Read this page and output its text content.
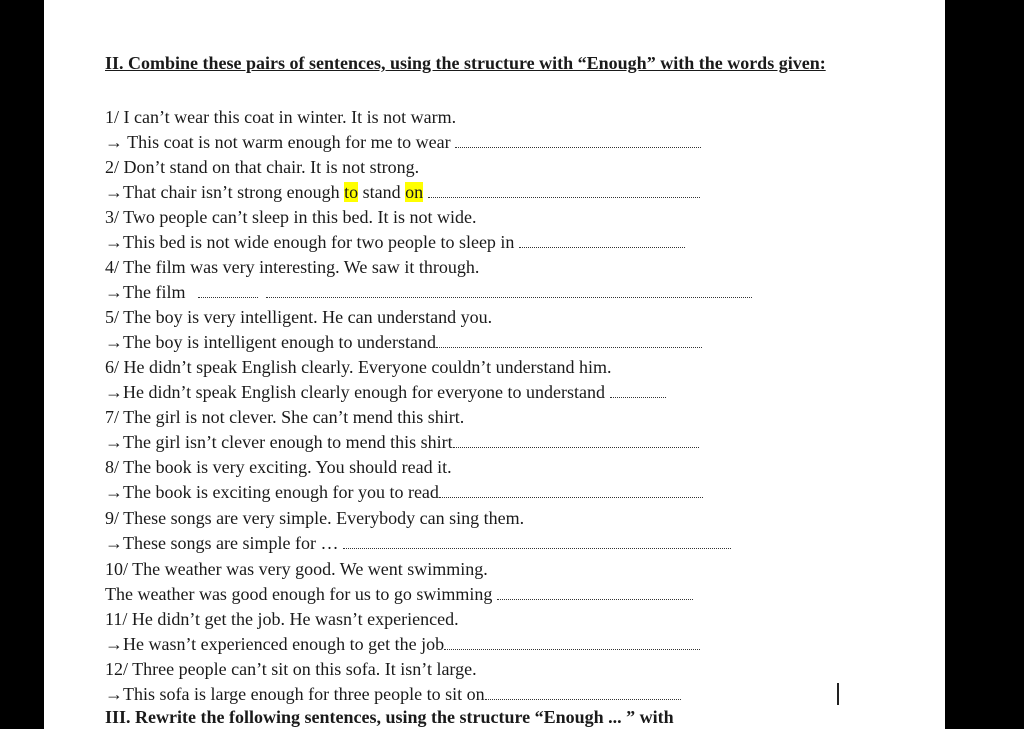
II. Combine these pairs of sentences, using the structure with “Enough” with the words given:
1/ I can’t wear this coat in winter. It is not warm.
→ This coat is not warm enough for me to wear
2/ Don’t stand on that chair. It is not strong.
→That chair isn’t strong enough to stand on
3/ Two people can’t sleep in this bed. It is not wide.
→This bed is not wide enough for two people to sleep in
4/ The film was very interesting. We saw it through.
→The film
5/ The boy is very intelligent. He can understand you.
→The boy is intelligent enough to understand
6/ He didn’t speak English clearly. Everyone couldn’t understand him.
→He didn’t speak English clearly enough for everyone to understand
7/ The girl is not clever. She can’t mend this shirt.
→The girl isn’t clever enough to mend this shirt
8/ The book is very exciting. You should read it.
→The book is exciting enough for you to read
9/ These songs are very simple. Everybody can sing them.
→These songs are simple for …
10/ The weather was very good. We went swimming.
The weather was good enough for us to go swimming
11/ He didn’t get the job. He wasn’t experienced.
→He wasn’t experienced enough to get the job
12/ Three people can’t sit on this sofa. It isn’t large.
→This sofa is large enough for three people to sit on
III. Rewrite the following sentences, using the structure “Enough ... ” with
